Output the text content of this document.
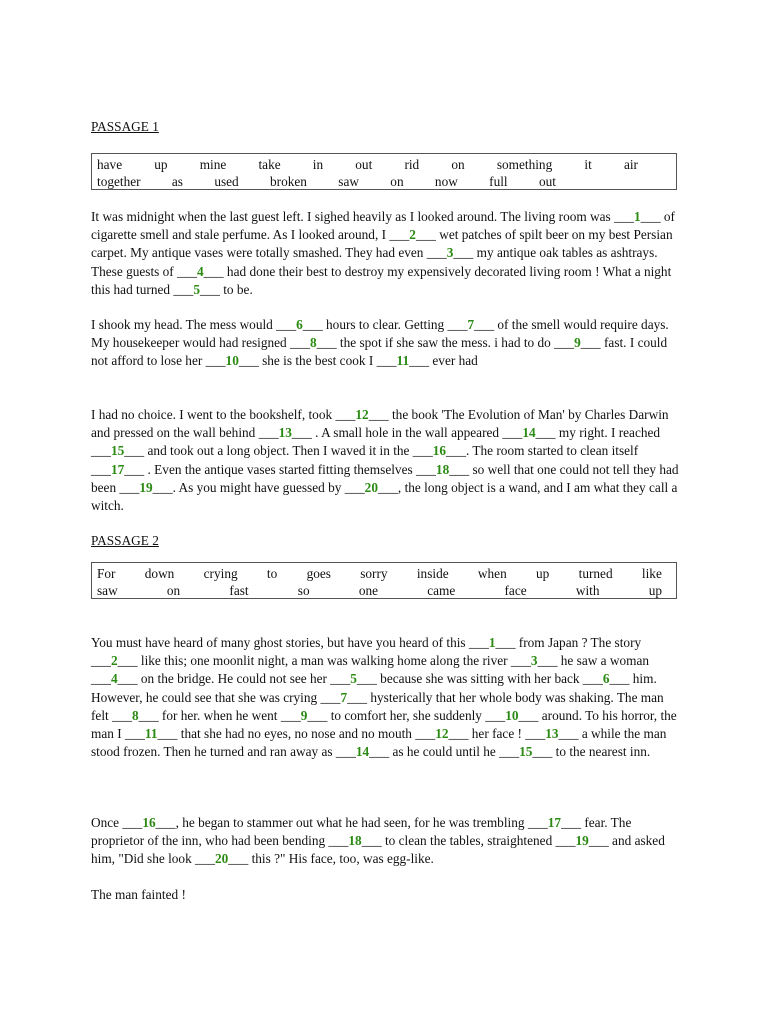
PASSAGE 1
have up mine take in out rid on something it air
together as used broken saw on now full out

It was midnight when the last guest left. I sighed heavily as I looked around. The living room was ___1___ of cigarette smell and stale perfume. As I looked around, I ___2___ wet patches of spilt beer on my best Persian carpet. My antique vases were totally smashed. They had even ___3___ my antique oak tables as ashtrays. These guests of ___4___ had done their best to destroy my expensively decorated living room ! What a night this had turned ___5___ to be.

I shook my head. The mess would ___6___ hours to clear. Getting ___7___ of the smell would require days. My housekeeper would had resigned ___8___ the spot if she saw the mess. i had to do ___9___ fast. I could not afford to lose her ___10___ she is the best cook I ___11___ ever had

I had no choice. I went to the bookshelf, took ___12___ the book 'The Evolution of Man' by Charles Darwin and pressed on the wall behind ___13___ . A small hole in the wall appeared ___14___ my right. I reached ___15___ and took out a long object. Then I waved it in the ___16___. The room started to clean itself ___17___ . Even the antique vases started fitting themselves ___18___ so well that one could not tell they had been ___19___. As you might have guessed by ___20___, the long object is a wand, and I am what they call a witch.

PASSAGE 2
For down crying to goes sorry inside when up turned like
saw	on	fast	so	one	came	face	with	up

You must have heard of many ghost stories, but have you heard of this ___1___ from Japan ? The story ___2___ like this; one moonlit night, a man was walking home along the river ___3___ he saw a woman ___4___ on the bridge. He could not see her ___5___ because she was sitting with her back ___6___ him. However, he could see that she was crying ___7___ hysterically that her whole body was shaking. The man felt ___8___ for her. when he went ___9___ to comfort her, she suddenly ___10___ around. To his horror, the man I ___11___ that she had no eyes, no nose and no mouth ___12___ her face ! ___13___ a while the man stood frozen. Then he turned and ran away as ___14___ as he could until he ___15___ to the nearest inn.

Once ___16___, he began to stammer out what he had seen, for he was trembling ___17___ fear. The proprietor of the inn, who had been bending ___18___ to clean the tables, straightened ___19___ and asked him, "Did she look ___20___ this ?" His face, too, was egg-like.

The man fainted !
